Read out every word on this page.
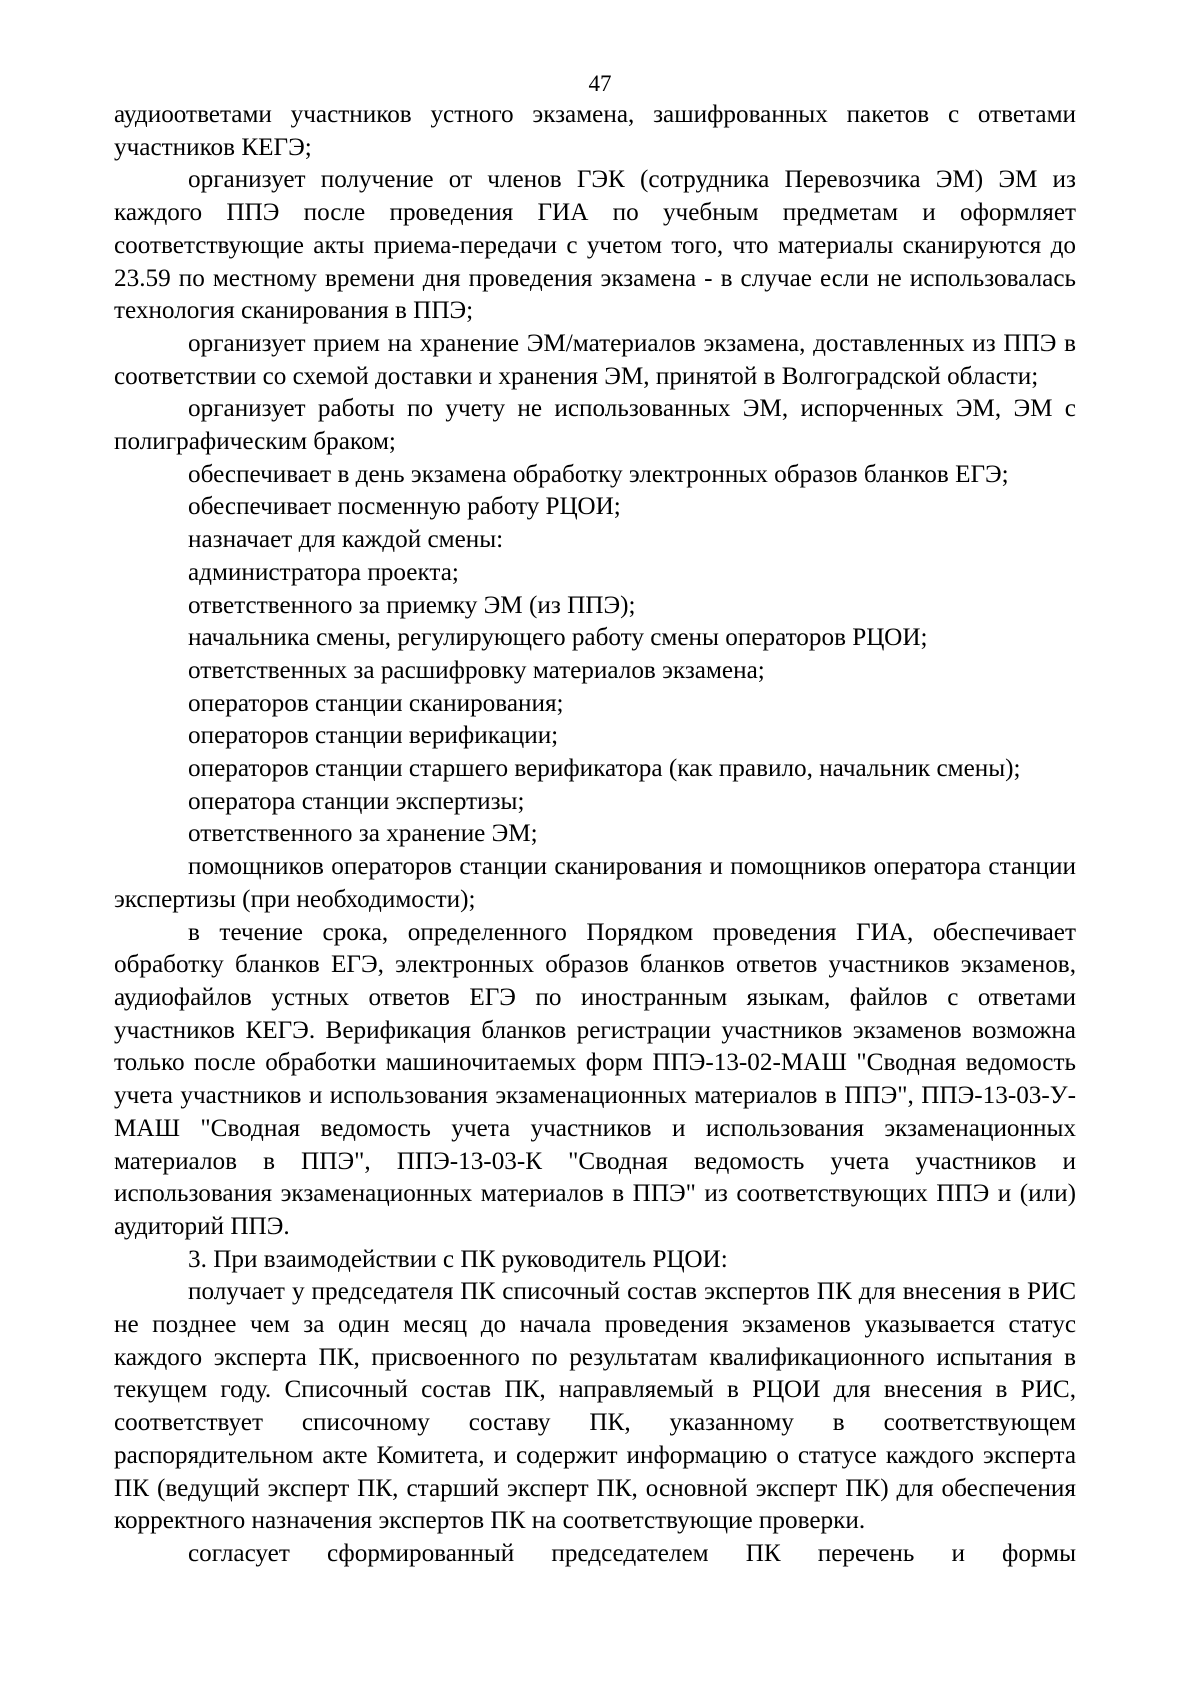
47

аудиоответами участников устного экзамена, зашифрованных пакетов с ответами участников КЕГЭ;

организует получение от членов ГЭК (сотрудника Перевозчика ЭМ) ЭМ из каждого ППЭ после проведения ГИА по учебным предметам и оформляет соответствующие акты приема-передачи с учетом того, что материалы сканируются до 23.59 по местному времени дня проведения экзамена - в случае если не использовалась технология сканирования в ППЭ;

организует прием на хранение ЭМ/материалов экзамена, доставленных из ППЭ в соответствии со схемой доставки и хранения ЭМ, принятой в Волгоградской области;

организует работы по учету не использованных ЭМ, испорченных ЭМ, ЭМ с полиграфическим браком;

обеспечивает в день экзамена обработку электронных образов бланков ЕГЭ;

обеспечивает посменную работу РЦОИ;

назначает для каждой смены:

администратора проекта;

ответственного за приемку ЭМ (из ППЭ);

начальника смены, регулирующего работу смены операторов РЦОИ;

ответственных за расшифровку материалов экзамена;

операторов станции сканирования;

операторов станции верификации;

операторов станции старшего верификатора (как правило, начальник смены);

оператора станции экспертизы;

ответственного за хранение ЭМ;

помощников операторов станции сканирования и помощников оператора станции экспертизы (при необходимости);

в течение срока, определенного Порядком проведения ГИА, обеспечивает обработку бланков ЕГЭ, электронных образов бланков ответов участников экзаменов, аудиофайлов устных ответов ЕГЭ по иностранным языкам, файлов с ответами участников КЕГЭ. Верификация бланков регистрации участников экзаменов возможна только после обработки машиночитаемых форм ППЭ-13-02-МАШ "Сводная ведомость учета участников и использования экзаменационных материалов в ППЭ", ППЭ-13-03-У-МАШ "Сводная ведомость учета участников и использования экзаменационных материалов в ППЭ", ППЭ-13-03-К "Сводная ведомость учета участников и использования экзаменационных материалов в ППЭ" из соответствующих ППЭ и (или) аудиторий ППЭ.

3. При взаимодействии с ПК руководитель РЦОИ:

получает у председателя ПК списочный состав экспертов ПК для внесения в РИС не позднее чем за один месяц до начала проведения экзаменов указывается статус каждого эксперта ПК, присвоенного по результатам квалификационного испытания в текущем году. Списочный состав ПК, направляемый в РЦОИ для внесения в РИС, соответствует списочному составу ПК, указанному в соответствующем распорядительном акте Комитета, и содержит информацию о статусе каждого эксперта ПК (ведущий эксперт ПК, старший эксперт ПК, основной эксперт ПК) для обеспечения корректного назначения экспертов ПК на соответствующие проверки.

согласует сформированный председателем ПК перечень и формы
